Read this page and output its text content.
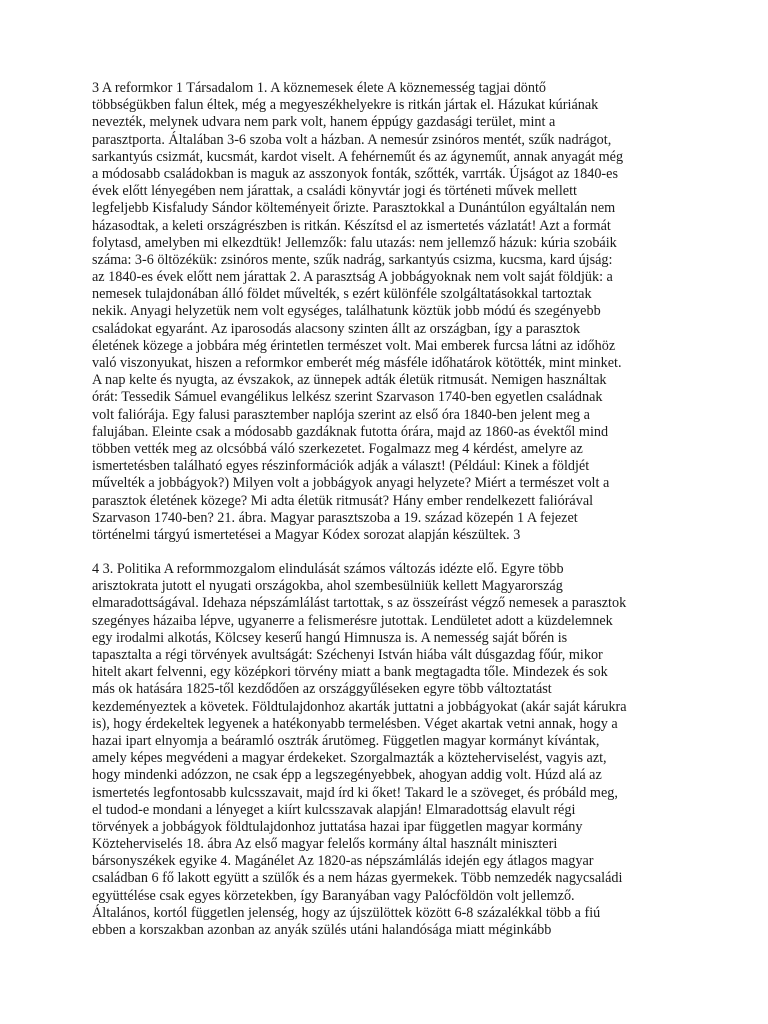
3 A reformkor 1 Társadalom 1. A köznemesek élete A köznemesség tagjai döntő
többségükben falun éltek, még a megyeszékhelyekre is ritkán jártak el. Házukat kúriának
nevezték, melynek udvara nem park volt, hanem éppúgy gazdasági terület, mint a
parasztporta. Általában 3-6 szoba volt a házban. A nemesúr zsinóros mentét, szűk nadrágot,
sarkantyús csizmát, kucsmát, kardot viselt. A fehérneműt és az ágyneműt, annak anyagát még
a módosabb családokban is maguk az asszonyok fonták, szőtték, varrták. Újságot az 1840-es
évek előtt lényegében nem járattak, a családi könyvtár jogi és történeti művek mellett
legfeljebb Kisfaludy Sándor költeményeit őrizte. Parasztokkal a Dunántúlon egyáltalán nem
házasodtak, a keleti országrészben is ritkán. Készítsd el az ismertetés vázlatát! Azt a formát
folytasd, amelyben mi elkezdtük! Jellemzők: falu utazás: nem jellemző házuk: kúria szobáik
száma: 3-6 öltözékük: zsinóros mente, szűk nadrág, sarkantyús csizma, kucsma, kard újság:
az 1840-es évek előtt nem járattak 2. A parasztság A jobbágyoknak nem volt saját földjük: a
nemesek tulajdonában álló földet művelték, s ezért különféle szolgáltatásokkal tartoztak
nekik. Anyagi helyzetük nem volt egységes, találhatunk köztük jobb módú és szegényebb
családokat egyaránt. Az iparosodás alacsony szinten állt az országban, így a parasztok
életének közege a jobbára még érintetlen természet volt. Mai emberek furcsa látni az időhöz
való viszonyukat, hiszen a reformkor emberét még másféle időhatárok kötötték, mint minket.
A nap kelte és nyugta, az évszakok, az ünnepek adták életük ritmusát. Nemigen használtak
órát: Tessedik Sámuel evangélikus lelkész szerint Szarvason 1740-ben egyetlen családnak
volt faliórájа. Egy falusi parasztember naplója szerint az első óra 1840-ben jelent meg a
falujában. Eleinte csak a módosabb gazdáknak futotta órára, majd az 1860-as évektől mind
többen vették meg az olcsóbbá váló szerkezetet. Fogalmazz meg 4 kérdést, amelyre az
ismertetésben található egyes részinformációk adják a választ! (Például: Kinek a földjét
művelték a jobbágyok?) Milyen volt a jobbágyok anyagi helyzete? Miért a természet volt a
parasztok életének közege? Mi adta életük ritmusát? Hány ember rendelkezett faliórával
Szarvason 1740-ben? 21. ábra. Magyar parasztszoba a 19. század közepén 1 A fejezet
történelmi tárgyú ismertetései a Magyar Kódex sorozat alapján készültek. 3
4 3. Politika A reformmozgalom elindulását számos változás idézte elő. Egyre több
arisztokrata jutott el nyugati országokba, ahol szembesülniük kellett Magyarország
elmaradottságával. Idehaza népszámlálást tartottak, s az összeírást végző nemesek a parasztok
szegényes házaiba lépve, ugyanerre a felismerésre jutottak. Lendületet adott a küzdelemnek
egy irodalmi alkotás, Kölcsey keserű hangú Himnusza is. A nemesség saját bőrén is
tapasztalta a régi törvények avultságát: Széchenyi István hiába vált dúsgazdag főúr, mikor
hitelt akart felvenni, egy középkori törvény miatt a bank megtagadta tőle. Mindezek és sok
más ok hatására 1825-től kezdődően az országgyűléseken egyre több változtatást
kezdeményeztek a követek. Földtulajdonhoz akarták juttatni a jobbágyokat (akár saját kárukra
is), hogy érdekeltek legyenek a hatékonyabb termelésben. Véget akartak vetni annak, hogy a
hazai ipart elnyomja a beáramló osztrák árutömeg. Független magyar kormányt kívántak,
amely képes megvédeni a magyar érdekeket. Szorgalmazták a közteherviselést, vagyis azt,
hogy mindenki adózzon, ne csak épp a legszegényebbek, ahogyan addig volt. Húzd alá az
ismertetés legfontosabb kulcsszavait, majd írd ki őket! Takard le a szöveget, és próbáld meg,
el tudod-e mondani a lényeget a kiírt kulcsszavak alapján! Elmaradottság elavult régi
törvények a jobbágyok földtulajdonhoz juttatása hazai ipar független magyar kormány
Közteherviselés 18. ábra Az első magyar felelős kormány által használt miniszteri
bársonyszékek egyike 4. Magánélet Az 1820-as népszámlálás idején egy átlagos magyar
családban 6 fő lakott együtt a szülők és a nem házas gyermekek. Több nemzedék nagycsaládi
együttélése csak egyes körzetekben, így Baranyában vagy Palócföldön volt jellemző.
Általános, kortól független jelenség, hogy az újszülöttek között 6-8 százalékkal több a fiú
ebben a korszakban azonban az anyák szülés utáni halandósága miatt méginkább
